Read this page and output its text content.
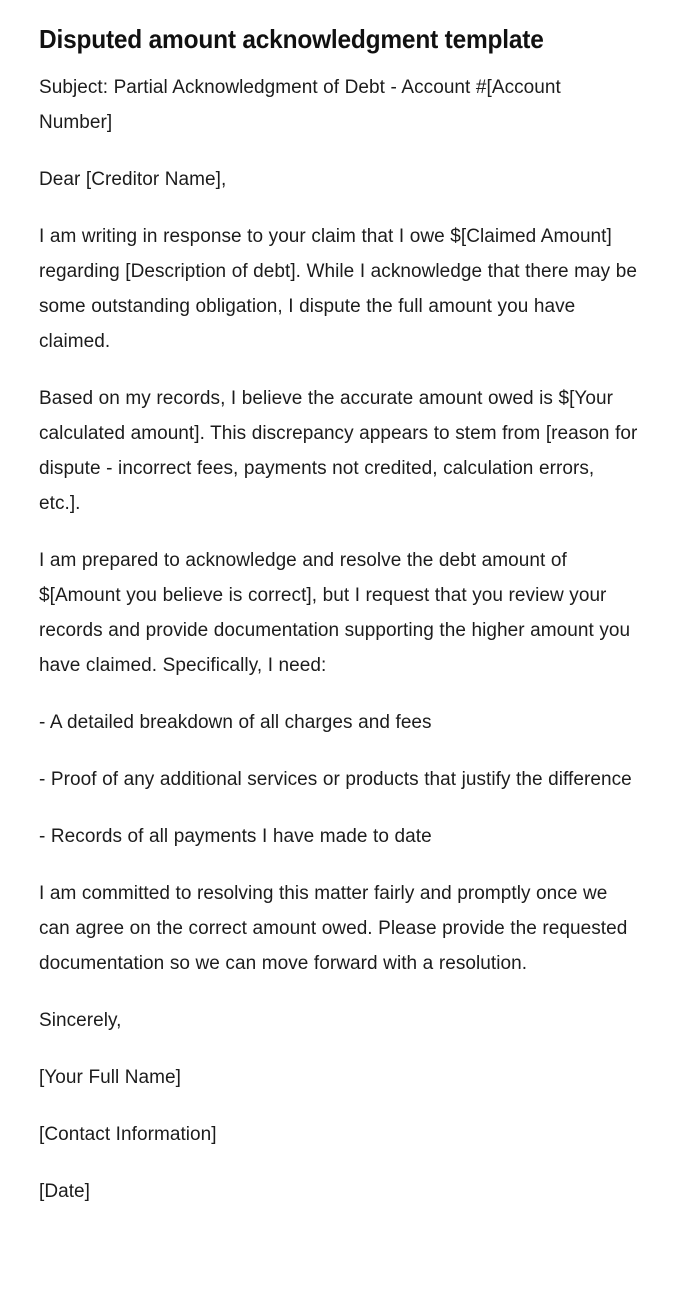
Disputed amount acknowledgment template

Subject: Partial Acknowledgment of Debt - Account #[Account Number]

Dear [Creditor Name],

I am writing in response to your claim that I owe $[Claimed Amount] regarding [Description of debt]. While I acknowledge that there may be some outstanding obligation, I dispute the full amount you have claimed.

Based on my records, I believe the accurate amount owed is $[Your calculated amount]. This discrepancy appears to stem from [reason for dispute - incorrect fees, payments not credited, calculation errors, etc.].

I am prepared to acknowledge and resolve the debt amount of $[Amount you believe is correct], but I request that you review your records and provide documentation supporting the higher amount you have claimed. Specifically, I need:

- A detailed breakdown of all charges and fees

- Proof of any additional services or products that justify the difference

- Records of all payments I have made to date

I am committed to resolving this matter fairly and promptly once we can agree on the correct amount owed. Please provide the requested documentation so we can move forward with a resolution.

Sincerely,

[Your Full Name]

[Contact Information]

[Date]
